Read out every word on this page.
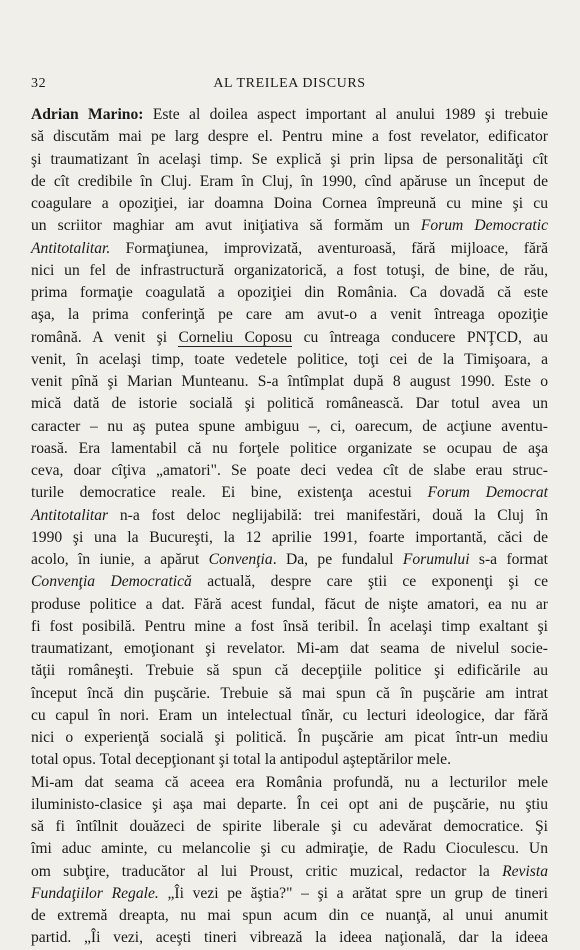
32	AL TREILEA DISCURS
Adrian Marino: Este al doilea aspect important al anului 1989 şi trebuie
să discutăm mai pe larg despre el. Pentru mine a fost revelator, edificator
şi traumatizant în acelaşi timp. Se explică şi prin lipsa de personalităţi cît
de cît credibile în Cluj. Eram în Cluj, în 1990, cînd apăruse un început de
coagulare a opoziţiei, iar doamna Doina Cornea împreună cu mine şi cu
un scriitor maghiar am avut iniţiativa să formăm un Forum Democratic
Antitotalitar. Formaţiunea, improvizată, aventuroasă, fără mijloace, fără
nici un fel de infrastructură organizatorică, a fost totuşi, de bine, de rău,
prima formaţie coagulată a opoziţiei din România. Ca dovadă că este
aşa, la prima conferinţă pe care am avut-o a venit întreaga opoziţie
română. A venit şi Corneliu Coposu cu întreaga conducere PNŢCD, au
venit, în acelaşi timp, toate vedetele politice, toţi cei de la Timişoara, a
venit pînă şi Marian Munteanu. S-a întîmplat după 8 august 1990. Este o
mică dată de istorie socială şi politică românească. Dar totul avea un
caracter – nu aş putea spune ambiguu –, ci, oarecum, de acţiune aventu-
roasă. Era lamentabil că nu forţele politice organizate se ocupau de aşa
ceva, doar cîţiva „amatori". Se poate deci vedea cît de slabe erau struc-
turile democratice reale. Ei bine, existenţa acestui Forum Democrat
Antitotalitar n-a fost deloc neglijabilă: trei manifestări, două la Cluj în
1990 şi una la Bucureşti, la 12 aprilie 1991, foarte importantă, căci de
acolo, în iunie, a apărut Convenţia. Da, pe fundalul Forumului s-a format
Convenţia Democratică actuală, despre care ştii ce exponenţi şi ce
produse politice a dat. Fără acest fundal, făcut de nişte amatori, ea nu ar
fi fost posibilă. Pentru mine a fost însă teribil. În acelaşi timp exaltant şi
traumatizant, emoţionant şi revelator. Mi-am dat seama de nivelul socie-
tăţii româneşti. Trebuie să spun că decepţiile politice şi edificările au
început încă din puşcărie. Trebuie să mai spun că în puşcărie am intrat
cu capul în nori. Eram un intelectual tînăr, cu lecturi ideologice, dar fără
nici o experienţă socială şi politică. În puşcărie am picat într-un mediu
total opus. Total decepţionant şi total la antipodul aşteptărilor mele.
Mi-am dat seama că aceea era România profundă, nu a lecturilor mele
iluministo-clasice şi aşa mai departe. În cei opt ani de puşcărie, nu ştiu
să fi întîlnit douăzeci de spirite liberale şi cu adevărat democratice. Şi
îmi aduc aminte, cu melancolie şi cu admiraţie, de Radu Cioculescu. Un
om subţire, traducător al lui Proust, critic muzical, redactor la Revista
Fundaţiilor Regale. „Îi vezi pe ăştia?" – şi a arătat spre un grup de tineri
de extremă dreapta, nu mai spun acum din ce nuanţă, al unui anumit
partid. „Îi vezi, aceşti tineri vibrează la ideea naţională, dar la ideea
